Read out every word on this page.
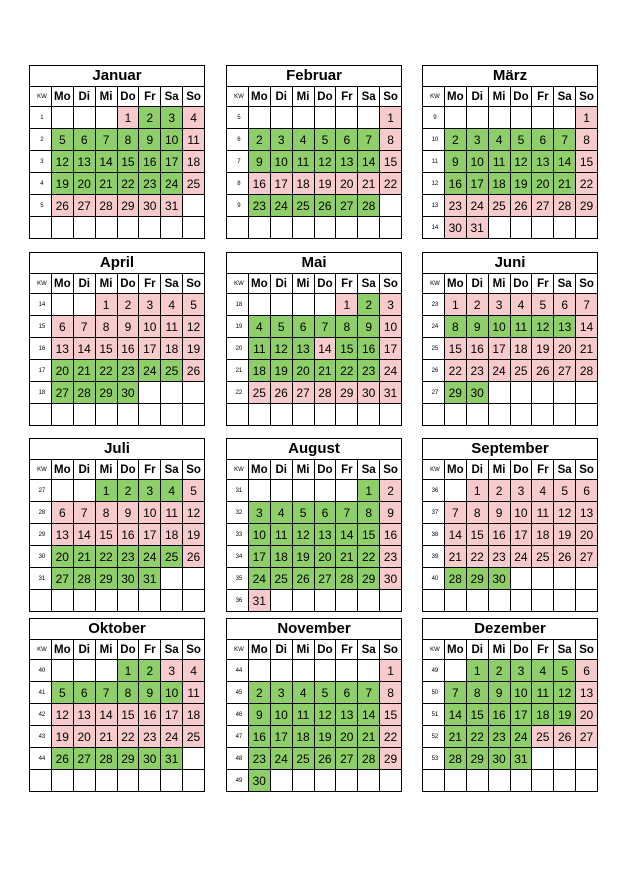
Januar							
KW	Mo	Di	Mi	Do	Fr	Sa	So
1				1	2	3	4
2	5	6	7	8	9	10	11
3	12	13	14	15	16	17	18
4	19	20	21	22	23	24	25
5	26	27	28	29	30	31	

Februar							
KW	Mo	Di	Mi	Do	Fr	Sa	So
5							1
6	2	3	4	5	6	7	8
7	9	10	11	12	13	14	15
8	16	17	18	19	20	21	22
9	23	24	25	26	27	28	

März							
KW	Mo	Di	Mi	Do	Fr	Sa	So
9							1
10	2	3	4	5	6	7	8
11	9	10	11	12	13	14	15
12	16	17	18	19	20	21	22
13	23	24	25	26	27	28	29
14	30	31					
April							
KW	Mo	Di	Mi	Do	Fr	Sa	So
14			1	2	3	4	5
15	6	7	8	9	10	11	12
16	13	14	15	16	17	18	19
17	20	21	22	23	24	25	26
18	27	28	29	30			

Mai							
KW	Mo	Di	Mi	Do	Fr	Sa	So
18					1	2	3
19	4	5	6	7	8	9	10
20	11	12	13	14	15	16	17
21	18	19	20	21	22	23	24
22	25	26	27	28	29	30	31

Juni							
KW	Mo	Di	Mi	Do	Fr	Sa	So
23	1	2	3	4	5	6	7
24	8	9	10	11	12	13	14
25	15	16	17	18	19	20	21
26	22	23	24	25	26	27	28
27	29	30					

Juli							
KW	Mo	Di	Mi	Do	Fr	Sa	So
27			1	2	3	4	5
28	6	7	8	9	10	11	12
29	13	14	15	16	17	18	19
30	20	21	22	23	24	25	26
31	27	28	29	30	31		

August							
KW	Mo	Di	Mi	Do	Fr	Sa	So
31						1	2
32	3	4	5	6	7	8	9
33	10	11	12	13	14	15	16
34	17	18	19	20	21	22	23
35	24	25	26	27	28	29	30
36	31						
September							
KW	Mo	Di	Mi	Do	Fr	Sa	So
36		1	2	3	4	5	6
37	7	8	9	10	11	12	13
38	14	15	16	17	18	19	20
39	21	22	23	24	25	26	27
40	28	29	30				

Oktober							
KW	Mo	Di	Mi	Do	Fr	Sa	So
40				1	2	3	4
41	5	6	7	8	9	10	11
42	12	13	14	15	16	17	18
43	19	20	21	22	23	24	25
44	26	27	28	29	30	31	

November							
KW	Mo	Di	Mi	Do	Fr	Sa	So
44							1
45	2	3	4	5	6	7	8
46	9	10	11	12	13	14	15
47	16	17	18	19	20	21	22
48	23	24	25	26	27	28	29
49	30						
Dezember							
KW	Mo	Di	Mi	Do	Fr	Sa	So
49		1	2	3	4	5	6
50	7	8	9	10	11	12	13
51	14	15	16	17	18	19	20
52	21	22	23	24	25	26	27
53	28	29	30	31			
